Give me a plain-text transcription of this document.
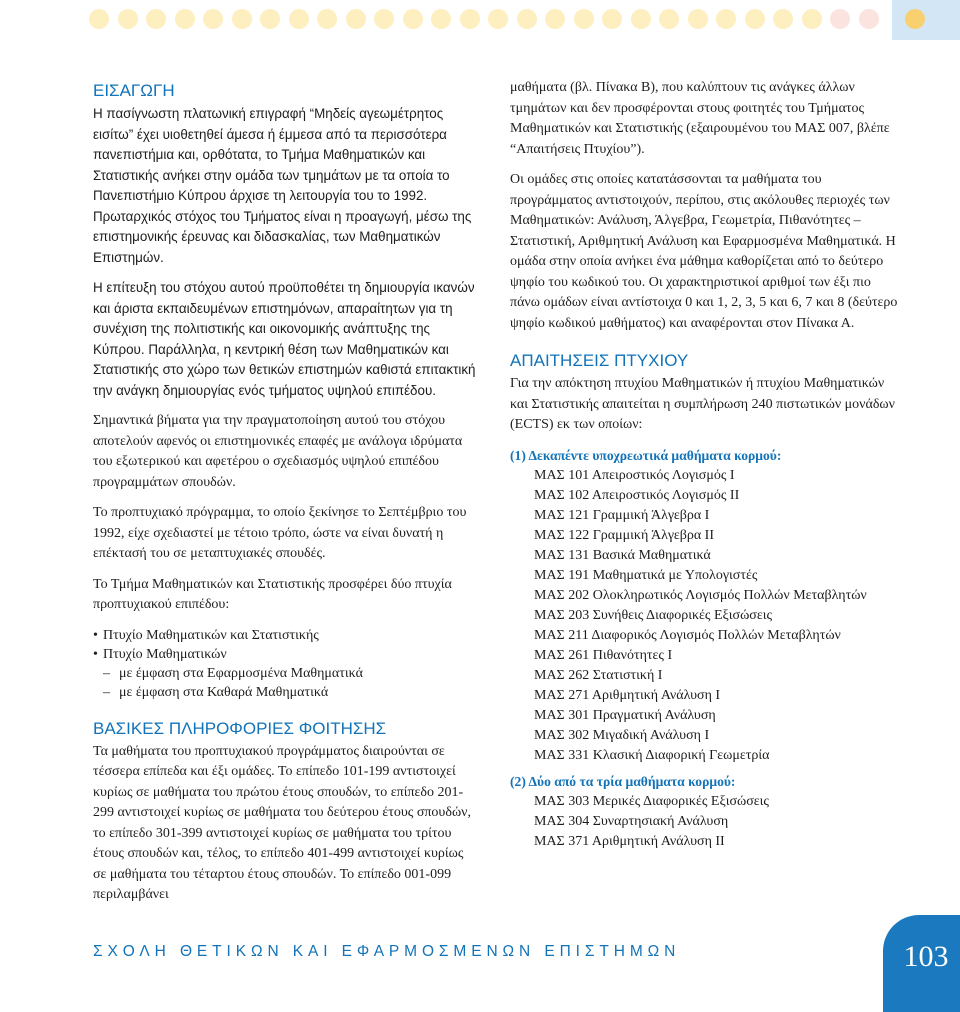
ΕΙΣΑΓΩΓΗ

Η πασίγνωστη πλατωνική επιγραφή “Μηδείς αγεωμέτρητος εισίτω” έχει υιοθετηθεί άμεσα ή έμμεσα από τα περισσότερα πανεπιστήμια και, ορθότατα, το Τμήμα Μαθηματικών και Στατιστικής ανήκει στην ομάδα των τμημάτων με τα οποία το Πανεπιστήμιο Κύπρου άρχισε τη λειτουργία του το 1992. Πρωταρχικός στόχος του Τμήματος είναι η προαγωγή, μέσω της επιστημονικής έρευνας και διδασκαλίας, των Μαθηματικών Επιστημών.

Η επίτευξη του στόχου αυτού προϋποθέτει τη δημιουργία ικανών και άριστα εκπαιδευμένων επιστημόνων, απαραίτητων για τη συνέχιση της πολιτιστικής και οικονομικής ανάπτυξης της Κύπρου. Παράλληλα, η κεντρική θέση των Μαθηματικών και Στατιστικής στο χώρο των θετικών επιστημών καθιστά επιτακτική την ανάγκη δημιουργίας ενός τμήματος υψηλού επιπέδου.

Σημαντικά βήματα για την πραγματοποίηση αυτού του στόχου αποτελούν αφενός οι επιστημονικές επαφές με ανάλογα ιδρύματα του εξωτερικού και αφετέρου ο σχεδιασμός υψηλού επιπέδου προγραμμάτων σπουδών.

Το προπτυχιακό πρόγραμμα, το οποίο ξεκίνησε το Σεπτέμβριο του 1992, είχε σχεδιαστεί με τέτοιο τρόπο, ώστε να είναι δυνατή η επέκτασή του σε μεταπτυχιακές σπουδές.

Το Τμήμα Μαθηματικών και Στατιστικής προσφέρει δύο πτυχία προπτυχιακού επιπέδου:

• Πτυχίο Μαθηματικών και Στατιστικής
• Πτυχίο Μαθηματικών
– με έμφαση στα Εφαρμοσμένα Μαθηματικά
– με έμφαση στα Καθαρά Μαθηματικά
ΒΑΣΙΚΕΣ ΠΛΗΡΟΦΟΡΙΕΣ ΦΟΙΤΗΣΗΣ

Τα μαθήματα του προπτυχιακού προγράμματος διαιρούνται σε τέσσερα επίπεδα και έξι ομάδες. Το επίπεδο 101-199 αντιστοιχεί κυρίως σε μαθήματα του πρώτου έτους σπουδών, το επίπεδο 201-299 αντιστοιχεί κυρίως σε μαθήματα του δεύτερου έτους σπουδών, το επίπεδο 301-399 αντιστοιχεί κυρίως σε μαθήματα του τρίτου έτους σπουδών και, τέλος, το επίπεδο 401-499 αντιστοιχεί κυρίως σε μαθήματα του τέταρτου έτους σπουδών. Το επίπεδο 001-099 περιλαμβάνει

μαθήματα (βλ. Πίνακα Β), που καλύπτουν τις ανάγκες άλλων τμημάτων και δεν προσφέρονται στους φοιτητές του Τμήματος Μαθηματικών και Στατιστικής (εξαιρουμένου του ΜΑΣ 007, βλέπε “Απαιτήσεις Πτυχίου”).

Οι ομάδες στις οποίες κατατάσσονται τα μαθήματα του προγράμματος αντιστοιχούν, περίπου, στις ακόλουθες περιοχές των Μαθηματικών: Ανάλυση, Άλγεβρα, Γεωμετρία, Πιθανότητες – Στατιστική, Αριθμητική Ανάλυση και Εφαρμοσμένα Μαθηματικά. Η ομάδα στην οποία ανήκει ένα μάθημα καθορίζεται από το δεύτερο ψηφίο του κωδικού του. Οι χαρακτηριστικοί αριθμοί των έξι πιο πάνω ομάδων είναι αντίστοιχα 0 και 1, 2, 3, 5 και 6, 7 και 8 (δεύτερο ψηφίο κωδικού μαθήματος) και αναφέρονται στον Πίνακα Α.

ΑΠΑΙΤΗΣΕΙΣ ΠΤΥΧΙΟΥ

Για την απόκτηση πτυχίου Μαθηματικών ή πτυχίου Μαθηματικών και Στατιστικής απαιτείται η συμπλήρωση 240 πιστωτικών μονάδων (ECTS) εκ των οποίων:

(1) Δεκαπέντε υποχρεωτικά μαθήματα κορμού:
ΜΑΣ 101 Απειροστικός Λογισμός Ι
ΜΑΣ 102 Απειροστικός Λογισμός ΙΙ
ΜΑΣ 121 Γραμμική Άλγεβρα Ι
ΜΑΣ 122 Γραμμική Άλγεβρα ΙΙ
ΜΑΣ 131 Βασικά Μαθηματικά
ΜΑΣ 191 Μαθηματικά με Υπολογιστές
ΜΑΣ 202 Ολοκληρωτικός Λογισμός Πολλών Μεταβλητών
ΜΑΣ 203 Συνήθεις Διαφορικές Εξισώσεις
ΜΑΣ 211 Διαφορικός Λογισμός Πολλών Μεταβλητών
ΜΑΣ 261 Πιθανότητες Ι
ΜΑΣ 262 Στατιστική Ι
ΜΑΣ 271 Αριθμητική Ανάλυση Ι
ΜΑΣ 301 Πραγματική Ανάλυση
ΜΑΣ 302 Μιγαδική Ανάλυση Ι
ΜΑΣ 331 Κλασική Διαφορική Γεωμετρία
(2) Δύο από τα τρία μαθήματα κορμού:
ΜΑΣ 303 Μερικές Διαφορικές Εξισώσεις
ΜΑΣ 304 Συναρτησιακή Ανάλυση
ΜΑΣ 371 Αριθμητική Ανάλυση ΙΙ
ΣΧΟΛΗ ΘΕΤΙΚΩΝ ΚΑΙ ΕΦΑΡΜΟΣΜΕΝΩΝ ΕΠΙΣΤΗΜΩΝ	103
